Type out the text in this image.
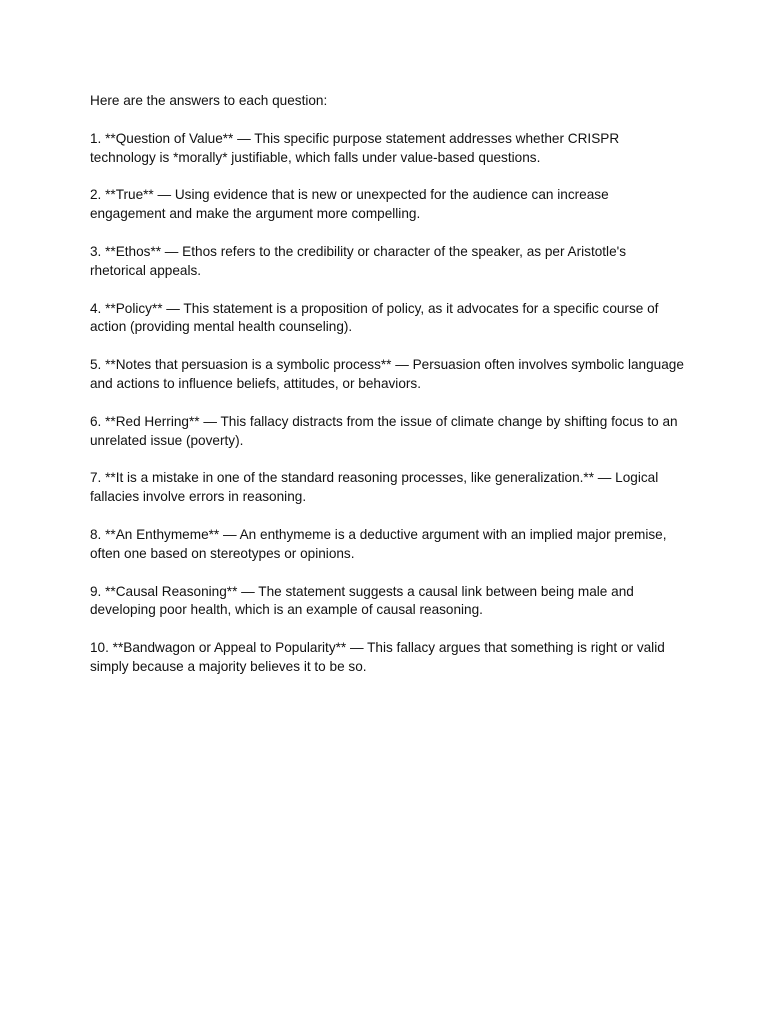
Here are the answers to each question:

1. **Question of Value** — This specific purpose statement addresses whether CRISPR technology is *morally* justifiable, which falls under value-based questions.
2. **True** — Using evidence that is new or unexpected for the audience can increase engagement and make the argument more compelling.
3. **Ethos** — Ethos refers to the credibility or character of the speaker, as per Aristotle's rhetorical appeals.
4. **Policy** — This statement is a proposition of policy, as it advocates for a specific course of action (providing mental health counseling).
5. **Notes that persuasion is a symbolic process** — Persuasion often involves symbolic language and actions to influence beliefs, attitudes, or behaviors.
6. **Red Herring** — This fallacy distracts from the issue of climate change by shifting focus to an unrelated issue (poverty).
7. **It is a mistake in one of the standard reasoning processes, like generalization.** — Logical fallacies involve errors in reasoning.
8. **An Enthymeme** — An enthymeme is a deductive argument with an implied major premise, often one based on stereotypes or opinions.
9. **Causal Reasoning** — The statement suggests a causal link between being male and developing poor health, which is an example of causal reasoning.
10. **Bandwagon or Appeal to Popularity** — This fallacy argues that something is right or valid simply because a majority believes it to be so.
